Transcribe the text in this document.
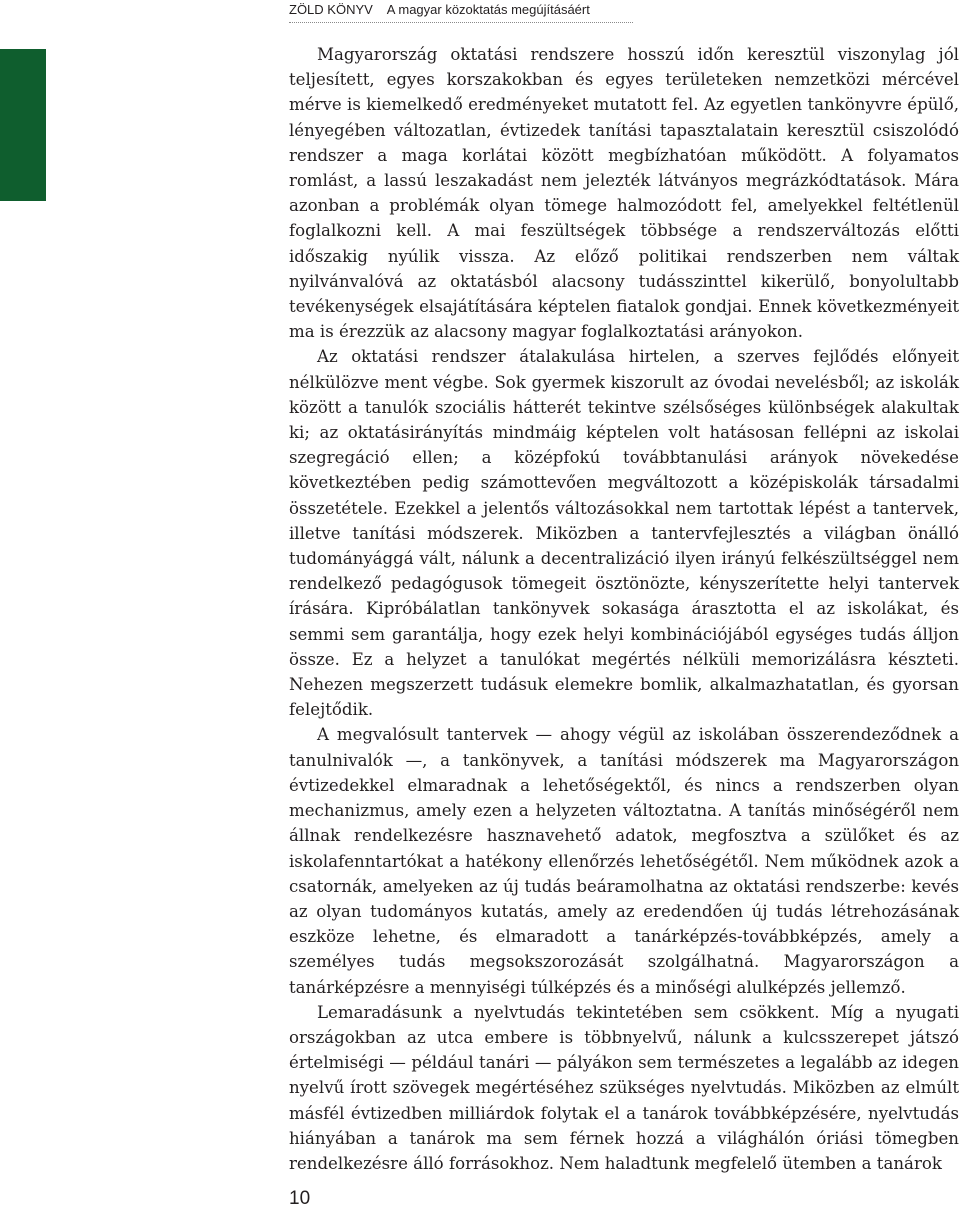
ZÖLD KÖNYV A magyar közoktatás megújításáért

Magyarország oktatási rendszere hosszú időn keresztül viszonylag jól teljesített, egyes korszakokban és egyes területeken nemzetközi mércével mérve is kiemelkedő eredményeket mutatott fel. Az egyetlen tankönyvre épülő, lényegében változatlan, évtizedek tanítási tapasztalatain keresztül csiszolódó rendszer a maga korlátai között megbízhatóan működött. A folyamatos romlást, a lassú leszakadást nem jelezték látványos megrázkódtatások. Mára azonban a problémák olyan tömege halmozódott fel, amelyekkel feltétlenül foglalkozni kell. A mai feszültségek többsége a rendszerváltozás előtti időszakig nyúlik vissza. Az előző politikai rendszerben nem váltak nyilvánvalóvá az oktatásból alacsony tudásszinttel kikerülő, bonyolultabb tevékenységek elsajátítására képtelen fiatalok gondjai. Ennek következményeit ma is érezzük az alacsony magyar foglalkoztatási arányokon.

Az oktatási rendszer átalakulása hirtelen, a szerves fejlődés előnyeit nélkülözve ment végbe. Sok gyermek kiszorult az óvodai nevelésből; az iskolák között a tanulók szociális hátterét tekintve szélsőséges különbségek alakultak ki; az oktatásirányítás mindmáig képtelen volt hatásosan fellépni az iskolai szegregáció ellen; a középfokú továbbtanulási arányok növekedése következtében pedig számottevően megváltozott a középiskolák társadalmi összetétele. Ezekkel a jelentős változásokkal nem tartottak lépést a tantervek, illetve tanítási módszerek. Miközben a tantervfejlesztés a világban önálló tudományággá vált, nálunk a decentralizáció ilyen irányú felkészültséggel nem rendelkező pedagógusok tömegeit ösztönözte, kényszerítette helyi tantervek írására. Kipróbálatlan tankönyvek sokasága árasztotta el az iskolákat, és semmi sem garantálja, hogy ezek helyi kombinációjából egységes tudás álljon össze. Ez a helyzet a tanulókat megértés nélküli memorizálásra készteti. Nehezen megszerzett tudásuk elemekre bomlik, alkalmazhatatlan, és gyorsan felejtődik.

A megvalósult tantervek — ahogy végül az iskolában összerendeződnek a tanulnivalók —, a tankönyvek, a tanítási módszerek ma Magyarországon évtizedekkel elmaradnak a lehetőségektől, és nincs a rendszerben olyan mechanizmus, amely ezen a helyzeten változtatna. A tanítás minőségéről nem állnak rendelkezésre hasznavehető adatok, megfosztva a szülőket és az iskolafenntartókat a hatékony ellenőrzés lehetőségétől. Nem működnek azok a csatornák, amelyeken az új tudás beáramolhatna az oktatási rendszerbe: kevés az olyan tudományos kutatás, amely az eredendően új tudás létrehozásának eszköze lehetne, és elmaradott a tanárképzés-továbbképzés, amely a személyes tudás megsokszorozását szolgálhatná. Magyarországon a tanárképzésre a mennyiségi túlképzés és a minőségi alulképzés jellemző.

Lemaradásunk a nyelvtudás tekintetében sem csökkent. Míg a nyugati országokban az utca embere is többnyelvű, nálunk a kulcsszerepet játszó értelmiségi — például tanári — pályákon sem természetes a legalább az idegen nyelvű írott szövegek megértéséhez szükséges nyelvtudás. Miközben az elmúlt másfél évtizedben milliárdok folytak el a tanárok továbbképzésére, nyelvtudás hiányában a tanárok ma sem férnek hozzá a világhálón óriási tömegben rendelkezésre álló forrásokhoz. Nem haladtunk megfelelő ütemben a tanárok

10
